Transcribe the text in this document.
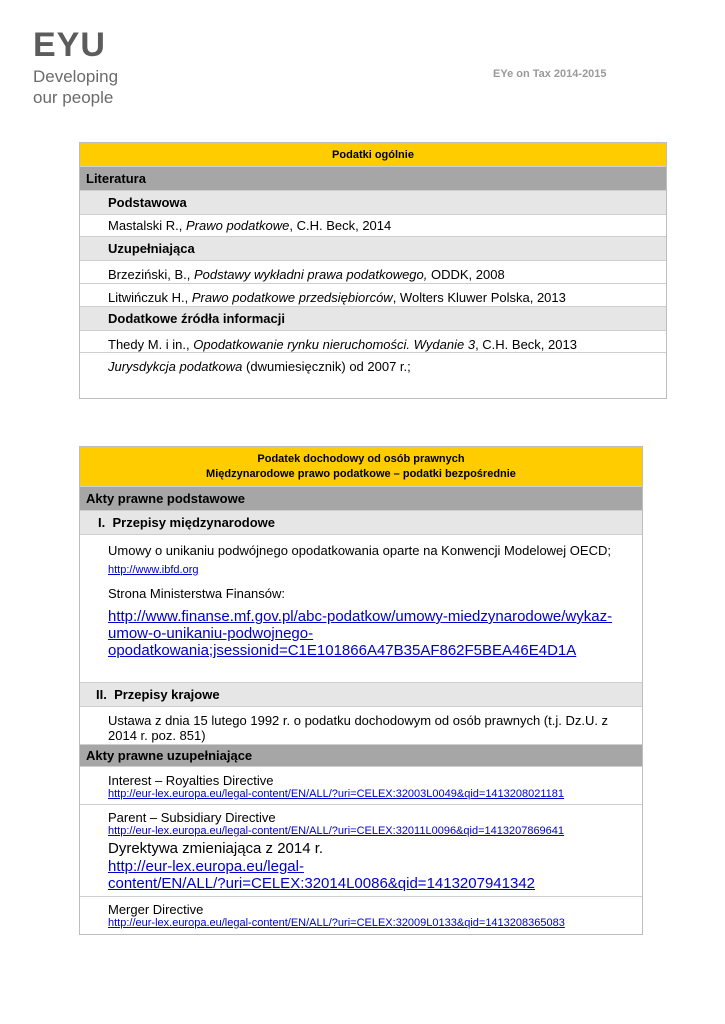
EYU
Developing
our people
EYe on Tax 2014-2015
Podatki ogólnie
Literatura
Podstawowa
Mastalski R., Prawo podatkowe, C.H. Beck, 2014
Uzupełniająca
Brzeziński, B., Podstawy wykładni prawa podatkowego, ODDK, 2008
Litwińczuk H., Prawo podatkowe przedsiębiorców, Wolters Kluwer Polska, 2013
Dodatkowe źródła informacji
Thedy M. i in., Opodatkowanie rynku nieruchomości. Wydanie 3, C.H. Beck, 2013
Jurysdykcja podatkowa (dwumiesięcznik) od 2007 r.;
Podatek dochodowy od osób prawnych
Międzynarodowe prawo podatkowe – podatki bezpośrednie
Akty prawne podstawowe
I. Przepisy międzynarodowe
Umowy o unikaniu podwójnego opodatkowania oparte na Konwencji Modelowej OECD;
http://www.ibfd.org
Strona Ministerstwa Finansów:
http://www.finanse.mf.gov.pl/abc-podatkow/umowy-miedzynarodowe/wykaz-
umow-o-unikaniu-podwojnego-
opodatkowania;jsessionid=C1E101866A47B35AF862F5BEA46E4D1A
II. Przepisy krajowe
Ustawa z dnia 15 lutego 1992 r. o podatku dochodowym od osób prawnych (t.j. Dz.U. z
2014 r. poz. 851)
Akty prawne uzupełniające
Interest – Royalties Directive
http://eur-lex.europa.eu/legal-content/EN/ALL/?uri=CELEX:32003L0049&qid=1413208021181
Parent – Subsidiary Directive
http://eur-lex.europa.eu/legal-content/EN/ALL/?uri=CELEX:32011L0096&qid=1413207869641
Dyrektywa zmieniająca z 2014 r.
http://eur-lex.europa.eu/legal-
content/EN/ALL/?uri=CELEX:32014L0086&qid=1413207941342
Merger Directive
http://eur-lex.europa.eu/legal-content/EN/ALL/?uri=CELEX:32009L0133&qid=1413208365083
